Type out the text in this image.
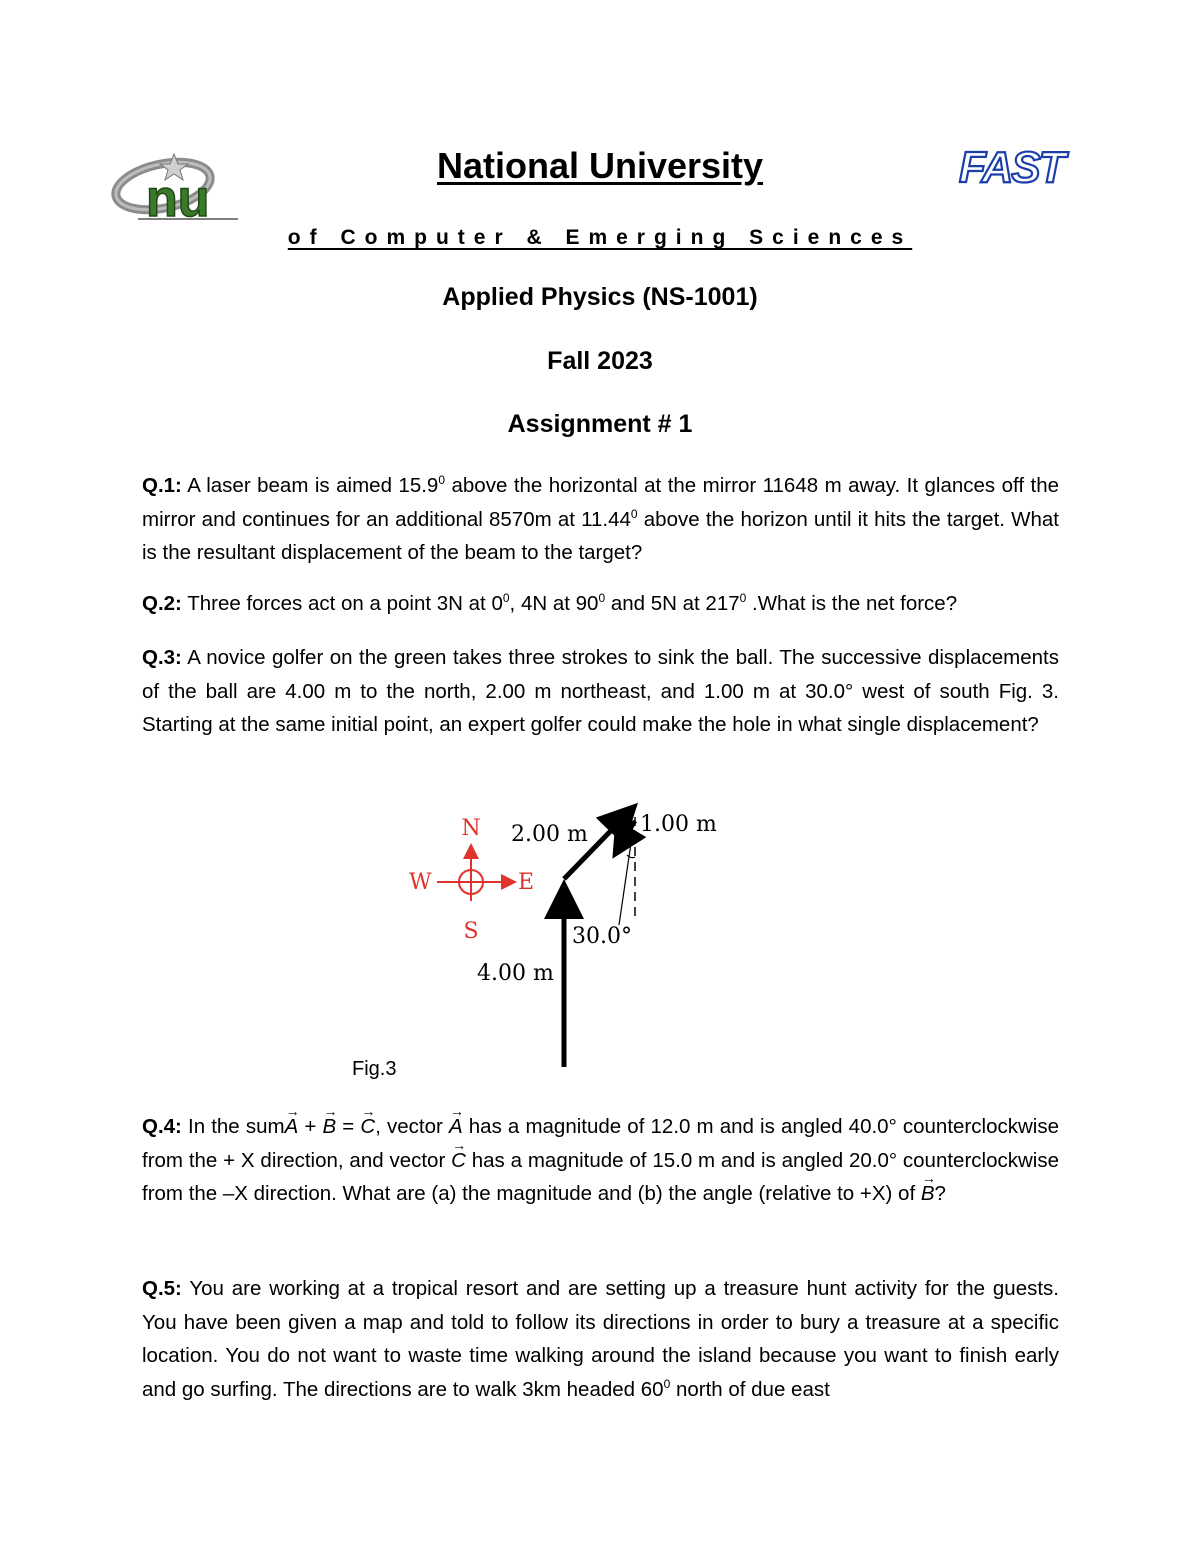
nu
FAST
National University
of Computer & Emerging Sciences
Applied Physics (NS-1001)
Fall 2023
Assignment # 1
Q.1: A laser beam is aimed 15.9$^0$ above the horizontal at the mirror 11648 m away. It glances off the mirror and continues for an additional 8570m at 11.44$^0$ above the horizon until it hits the target. What is the resultant displacement of the beam to the target?
Q.2: Three forces act on a point 3N at $0^0$, 4N at $90^0$ and 5N at $217^0$ .What is the net force?
Q.3: A novice golfer on the green takes three strokes to sink the ball. The successive displacements of the ball are 4.00 m to the north, 2.00 m northeast, and 1.00 m at 30.0° west of south Fig. 3. Starting at the same initial point, an expert golfer could make the hole in what single displacement?
N
S
E
W
2.00 m 1.00 m
4.00 m
30.0°
Fig.3
Q.4: In the sum→ A + → B = → C, vector → A has a magnitude of 12.0 m and is angled 40.0° counterclockwise from the + X direction, and vector → C has a magnitude of 15.0 m and is angled 20.0° counterclockwise from the –X direction. What are (a) the magnitude and (b) the angle (relative to +X) of → B?
Q.5: You are working at a tropical resort and are setting up a treasure hunt activity for the guests. You have been given a map and told to follow its directions in order to bury a treasure at a specific location. You do not want to waste time walking around the island because you want to finish early and go surfing. The directions are to walk 3km headed $60^0$ north of due east
